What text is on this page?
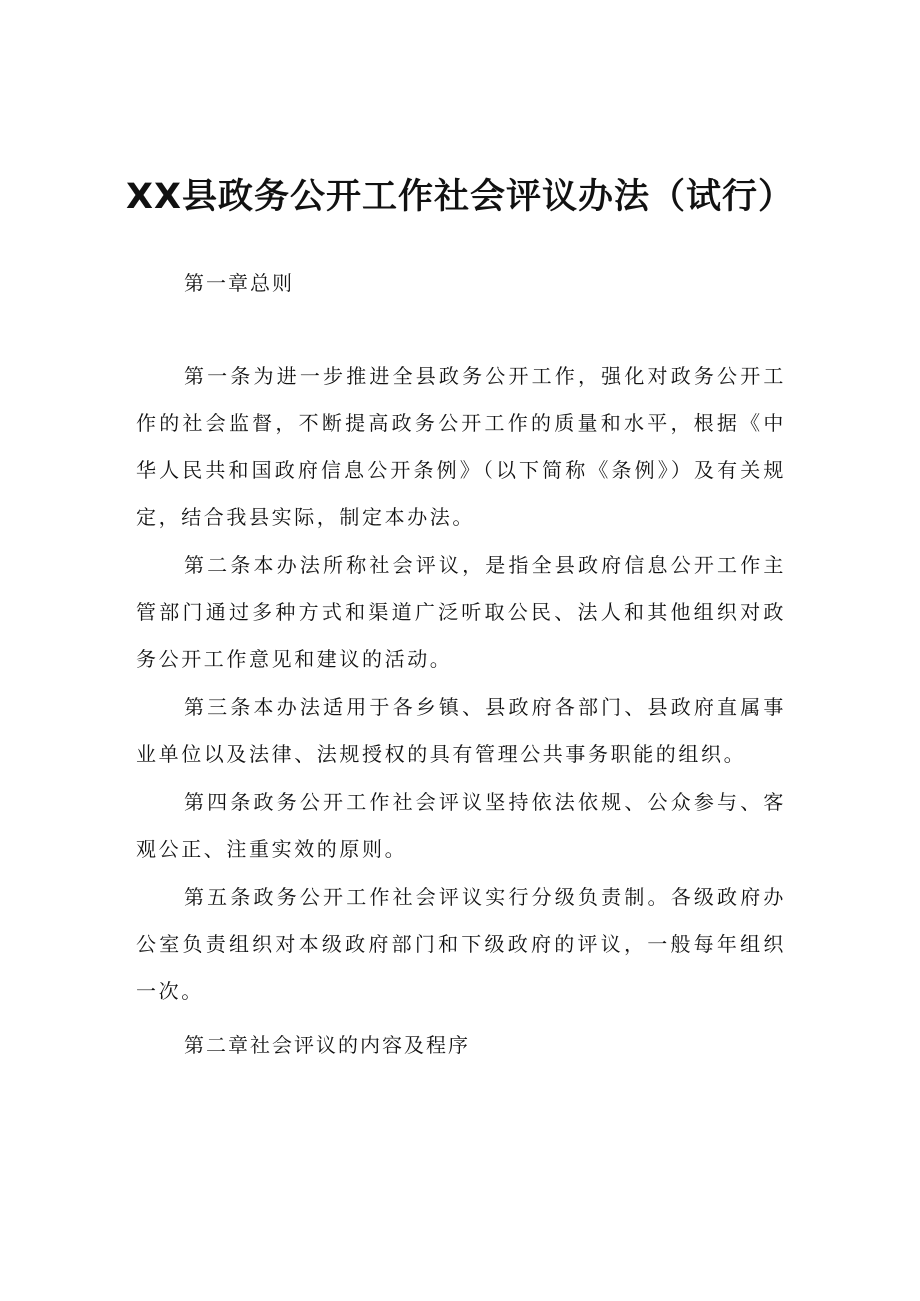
XX县政务公开工作社会评议办法（试行）

第一章总则

第一条为进一步推进全县政务公开工作，强化对政务公开工作的社会监督，不断提高政务公开工作的质量和水平，根据《中华人民共和国政府信息公开条例》（以下简称《条例》）及有关规定，结合我县实际，制定本办法。

第二条本办法所称社会评议，是指全县政府信息公开工作主管部门通过多种方式和渠道广泛听取公民、法人和其他组织对政务公开工作意见和建议的活动。

第三条本办法适用于各乡镇、县政府各部门、县政府直属事业单位以及法律、法规授权的具有管理公共事务职能的组织。

第四条政务公开工作社会评议坚持依法依规、公众参与、客观公正、注重实效的原则。

第五条政务公开工作社会评议实行分级负责制。各级政府办公室负责组织对本级政府部门和下级政府的评议，一般每年组织一次。

第二章社会评议的内容及程序
